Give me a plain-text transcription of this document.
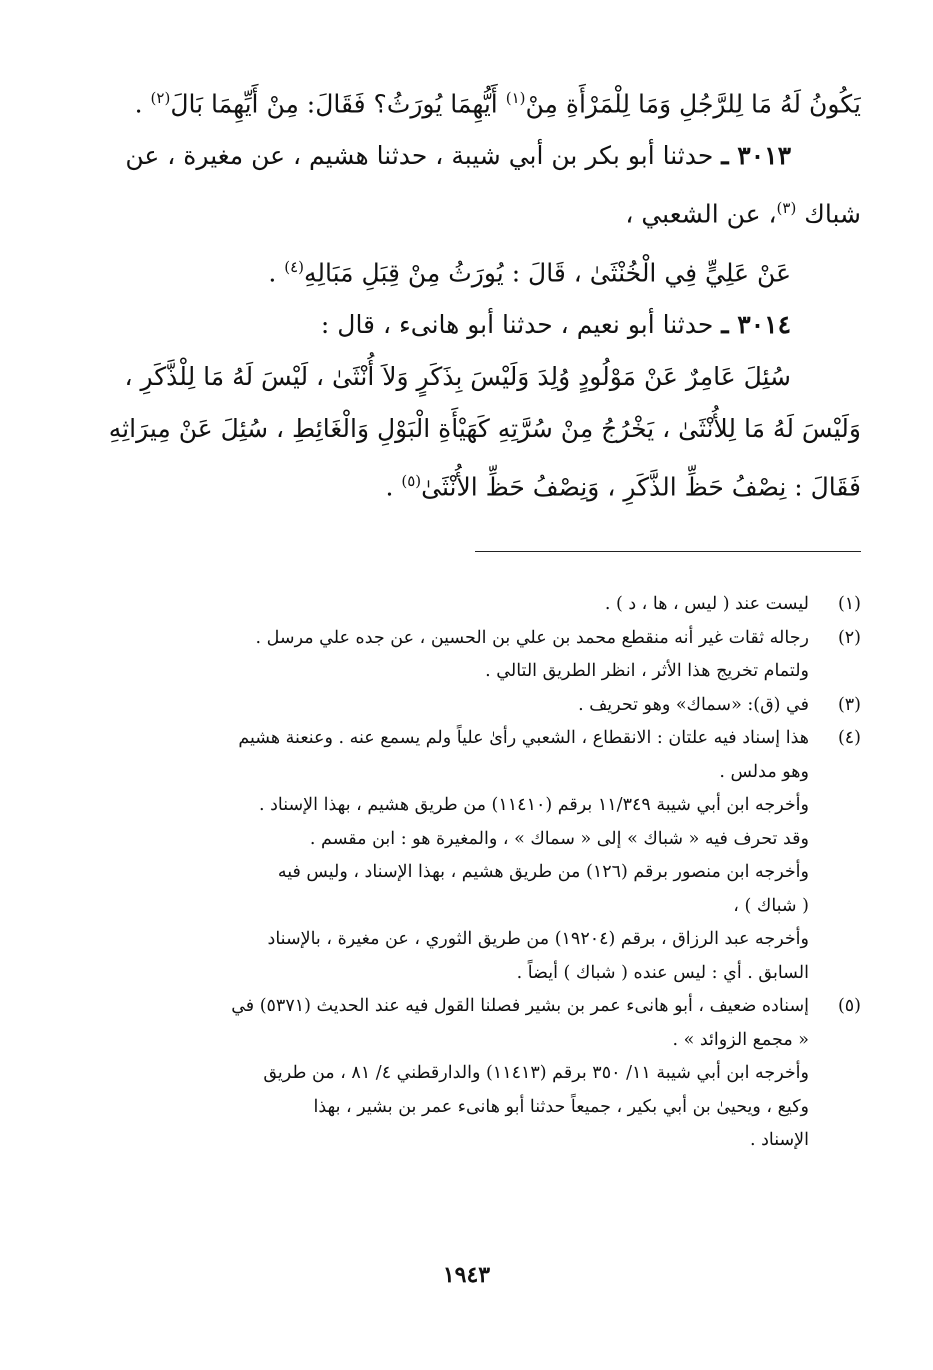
يَكُونُ لَهُ مَا لِلرَّجُلِ وَمَا لِلْمَرْأَةِ مِنْ$^{(١)}$ أَيُّهِمَا يُورَثُ؟ فَقَالَ: مِنْ أَيِّهِمَا بَالَ$^{(٢)}$ .
٣٠١٣ ـ حدثنا أبو بكر بن أبي شيبة ، حدثنا هشيم ، عن مغيرة ، عن
شباك $^{(٣)}$، عن الشعبي ،
عَنْ عَلِيٍّ فِي الْخُنْثَىٰ ، قَالَ : يُورَثُ مِنْ قِبَلِ مَبَالِهِ$^{(٤)}$ .
٣٠١٤ ـ حدثنا أبو نعيم ، حدثنا أبو هانىء ، قال :
سُئِلَ عَامِرٌ عَنْ مَوْلُودٍ وُلِدَ وَلَيْسَ بِذَكَرٍ وَلاَ أُنْثَىٰ ، لَيْسَ لَهُ مَا لِلْذَّكَرِ ،
وَلَيْسَ لَهُ مَا لِلأُنْثَىٰ ، يَخْرُجُ مِنْ سُرَّتِهِ كَهَيْأَةِ الْبَوْلِ وَالْغَائِطِ ، سُئِلَ عَنْ مِيرَاثِهِ
فَقَالَ : نِصْفُ حَظِّ الذَّكَرِ ، وَنِصْفُ حَظِّ الأُنْثَىٰ$^{(٥)}$ .
(١)
ليست عند ( ليس ، ها ، د ) .
(٢)
رجاله ثقات غير أنه منقطع محمد بن علي بن الحسين ، عن جده علي مرسل .
ولتمام تخريج هذا الأثر ، انظر الطريق التالي .
(٣)
في (ق): «سماك» وهو تحريف .
(٤)
هذا إسناد فيه علتان : الانقطاع ، الشعبي رأىٰ علياً ولم يسمع عنه . وعنعنة هشيم
وهو مدلس .
وأخرجه ابن أبي شيبة ١١/٣٤٩ برقم (١١٤١٠) من طريق هشيم ، بهذا الإسناد .
وقد تحرف فيه « شباك » إلى « سماك » ، والمغيرة هو : ابن مقسم .
وأخرجه ابن منصور برقم (١٢٦) من طريق هشيم ، بهذا الإسناد ، وليس فيه
( شباك ) ،
وأخرجه عبد الرزاق ، برقم (١٩٢٠٤) من طريق الثوري ، عن مغيرة ، بالإسناد
السابق . أي : ليس عنده ( شباك ) أيضاً .
(٥)
إسناده ضعيف ، أبو هانىء عمر بن بشير فصلنا القول فيه عند الحديث (٥٣٧١) في
« مجمع الزوائد » .
وأخرجه ابن أبي شيبة ١١/ ٣٥٠ برقم (١١٤١٣) والدارقطني ٤/ ٨١ ، من طريق
وكيع ، ويحيىٰ بن أبي بكير ، جميعاً حدثنا أبو هانىء عمر بن بشير ، بهذا
الإسناد .
١٩٤٣
